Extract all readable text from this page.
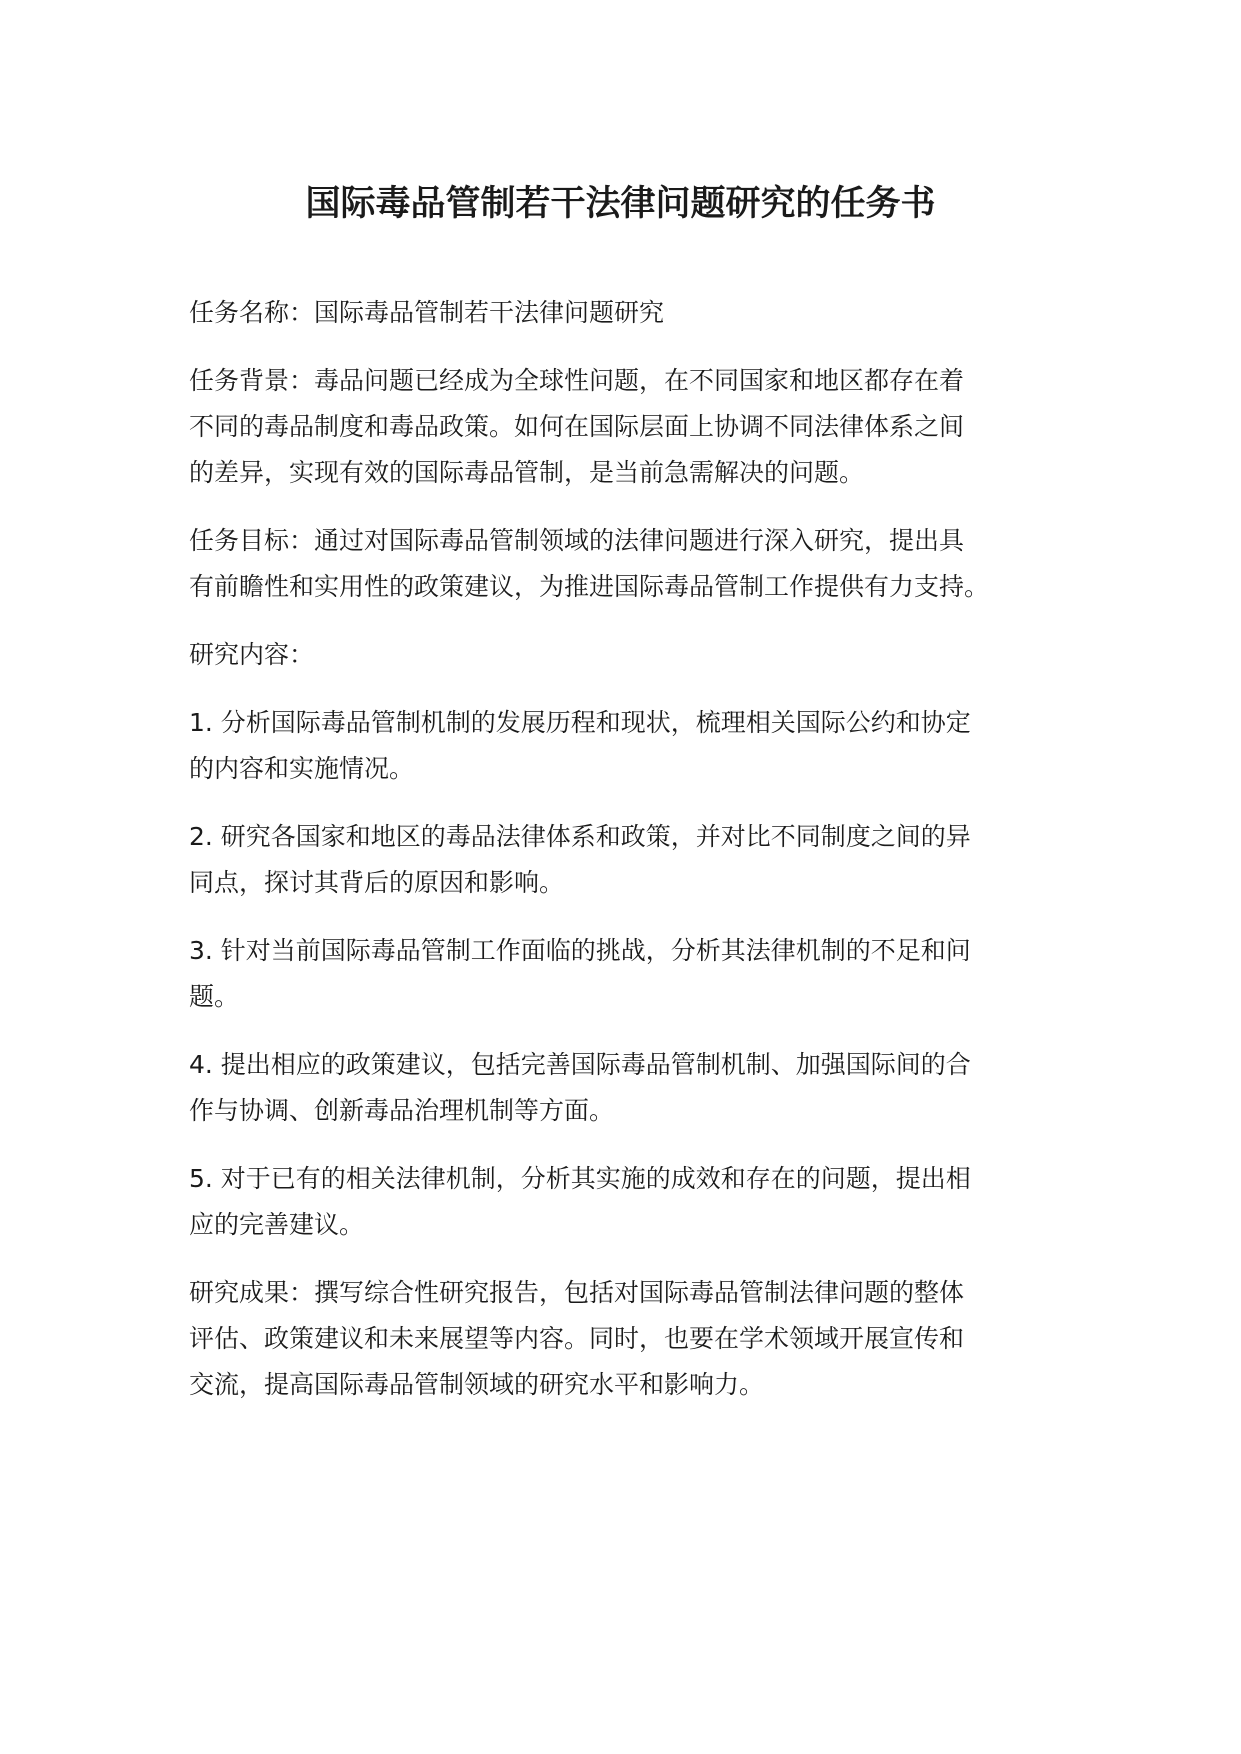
国际毒品管制若干法律问题研究的任务书

任务名称：国际毒品管制若干法律问题研究

任务背景：毒品问题已经成为全球性问题，在不同国家和地区都存在着
不同的毒品制度和毒品政策。如何在国际层面上协调不同法律体系之间
的差异，实现有效的国际毒品管制，是当前急需解决的问题。

任务目标：通过对国际毒品管制领域的法律问题进行深入研究，提出具
有前瞻性和实用性的政策建议，为推进国际毒品管制工作提供有力支持。

研究内容：

1. 分析国际毒品管制机制的发展历程和现状，梳理相关国际公约和协定
的内容和实施情况。

2. 研究各国家和地区的毒品法律体系和政策，并对比不同制度之间的异
同点，探讨其背后的原因和影响。

3. 针对当前国际毒品管制工作面临的挑战，分析其法律机制的不足和问
题。

4. 提出相应的政策建议，包括完善国际毒品管制机制、加强国际间的合
作与协调、创新毒品治理机制等方面。

5. 对于已有的相关法律机制，分析其实施的成效和存在的问题，提出相
应的完善建议。

研究成果：撰写综合性研究报告，包括对国际毒品管制法律问题的整体
评估、政策建议和未来展望等内容。同时，也要在学术领域开展宣传和
交流，提高国际毒品管制领域的研究水平和影响力。
